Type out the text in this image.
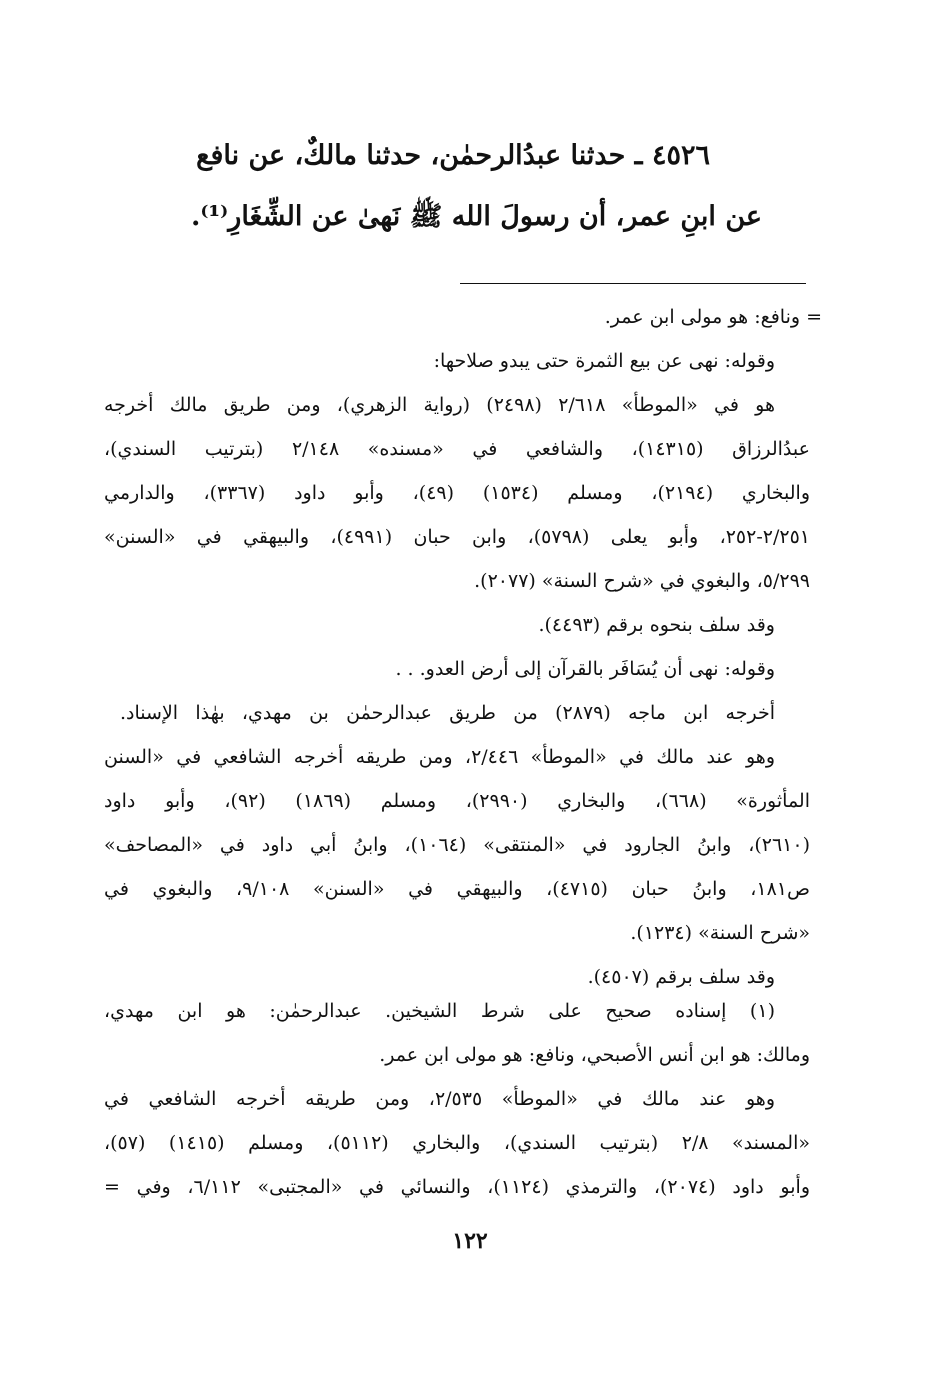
٤٥٢٦ ـ حدثنا عبدُالرحمٰن، حدثنا مالكٌ، عن نافع
عن ابنِ عمر، أن رسولَ الله ﷺ نَهىٰ عن الشِّغَارِ⁽¹⁾.
= ونافع: هو مولى ابن عمر.
وقوله: نهى عن بيع الثمرة حتى يبدو صلاحها:
هو في «الموطأ» ٢/٦١٨ (٢٤٩٨) (رواية الزهري)، ومن طريق مالك أخرجه
عبدُالرزاق (١٤٣١٥)، والشافعي في «مسنده» ٢/١٤٨ (بترتيب السندي)،
والبخاري (٢١٩٤)، ومسلم (١٥٣٤) (٤٩)، وأبو داود (٣٣٦٧)، والدارمي
٢/٢٥١-٢٥٢، وأبو يعلى (٥٧٩٨)، وابن حبان (٤٩٩١)، والبيهقي في «السنن»
٥/٢٩٩، والبغوي في «شرح السنة» (٢٠٧٧).
وقد سلف بنحوه برقم (٤٤٩٣).
وقوله: نهى أن يُسَافَر بالقرآن إلى أرض العدو. . .
أخرجه ابن ماجه (٢٨٧٩) من طريق عبدالرحمٰن بن مهدي، بهٰذا الإسناد.
وهو عند مالك في «الموطأ» ٢/٤٤٦، ومن طريقه أخرجه الشافعي في «السنن
المأثورة» (٦٦٨)، والبخاري (٢٩٩٠)، ومسلم (١٨٦٩) (٩٢)، وأبو داود
(٢٦١٠)، وابنُ الجارود في «المنتقى» (١٠٦٤)، وابنُ أبي داود في «المصاحف»
ص١٨١، وابنُ حبان (٤٧١٥)، والبيهقي في «السنن» ٩/١٠٨، والبغوي في
«شرح السنة» (١٢٣٤).
وقد سلف برقم (٤٥٠٧).
(١) إسناده صحيح على شرط الشيخين. عبدالرحمٰن: هو ابن مهدي،
ومالك: هو ابن أنس الأصبحي، ونافع: هو مولى ابن عمر.
وهو عند مالك في «الموطأ» ٢/٥٣٥، ومن طريقه أخرجه الشافعي في
«المسند» ٢/٨ (بترتيب السندي)، والبخاري (٥١١٢)، ومسلم (١٤١٥) (٥٧)،
وأبو داود (٢٠٧٤)، والترمذي (١١٢٤)، والنسائي في «المجتبى» ٦/١١٢، وفي =
١٢٢
